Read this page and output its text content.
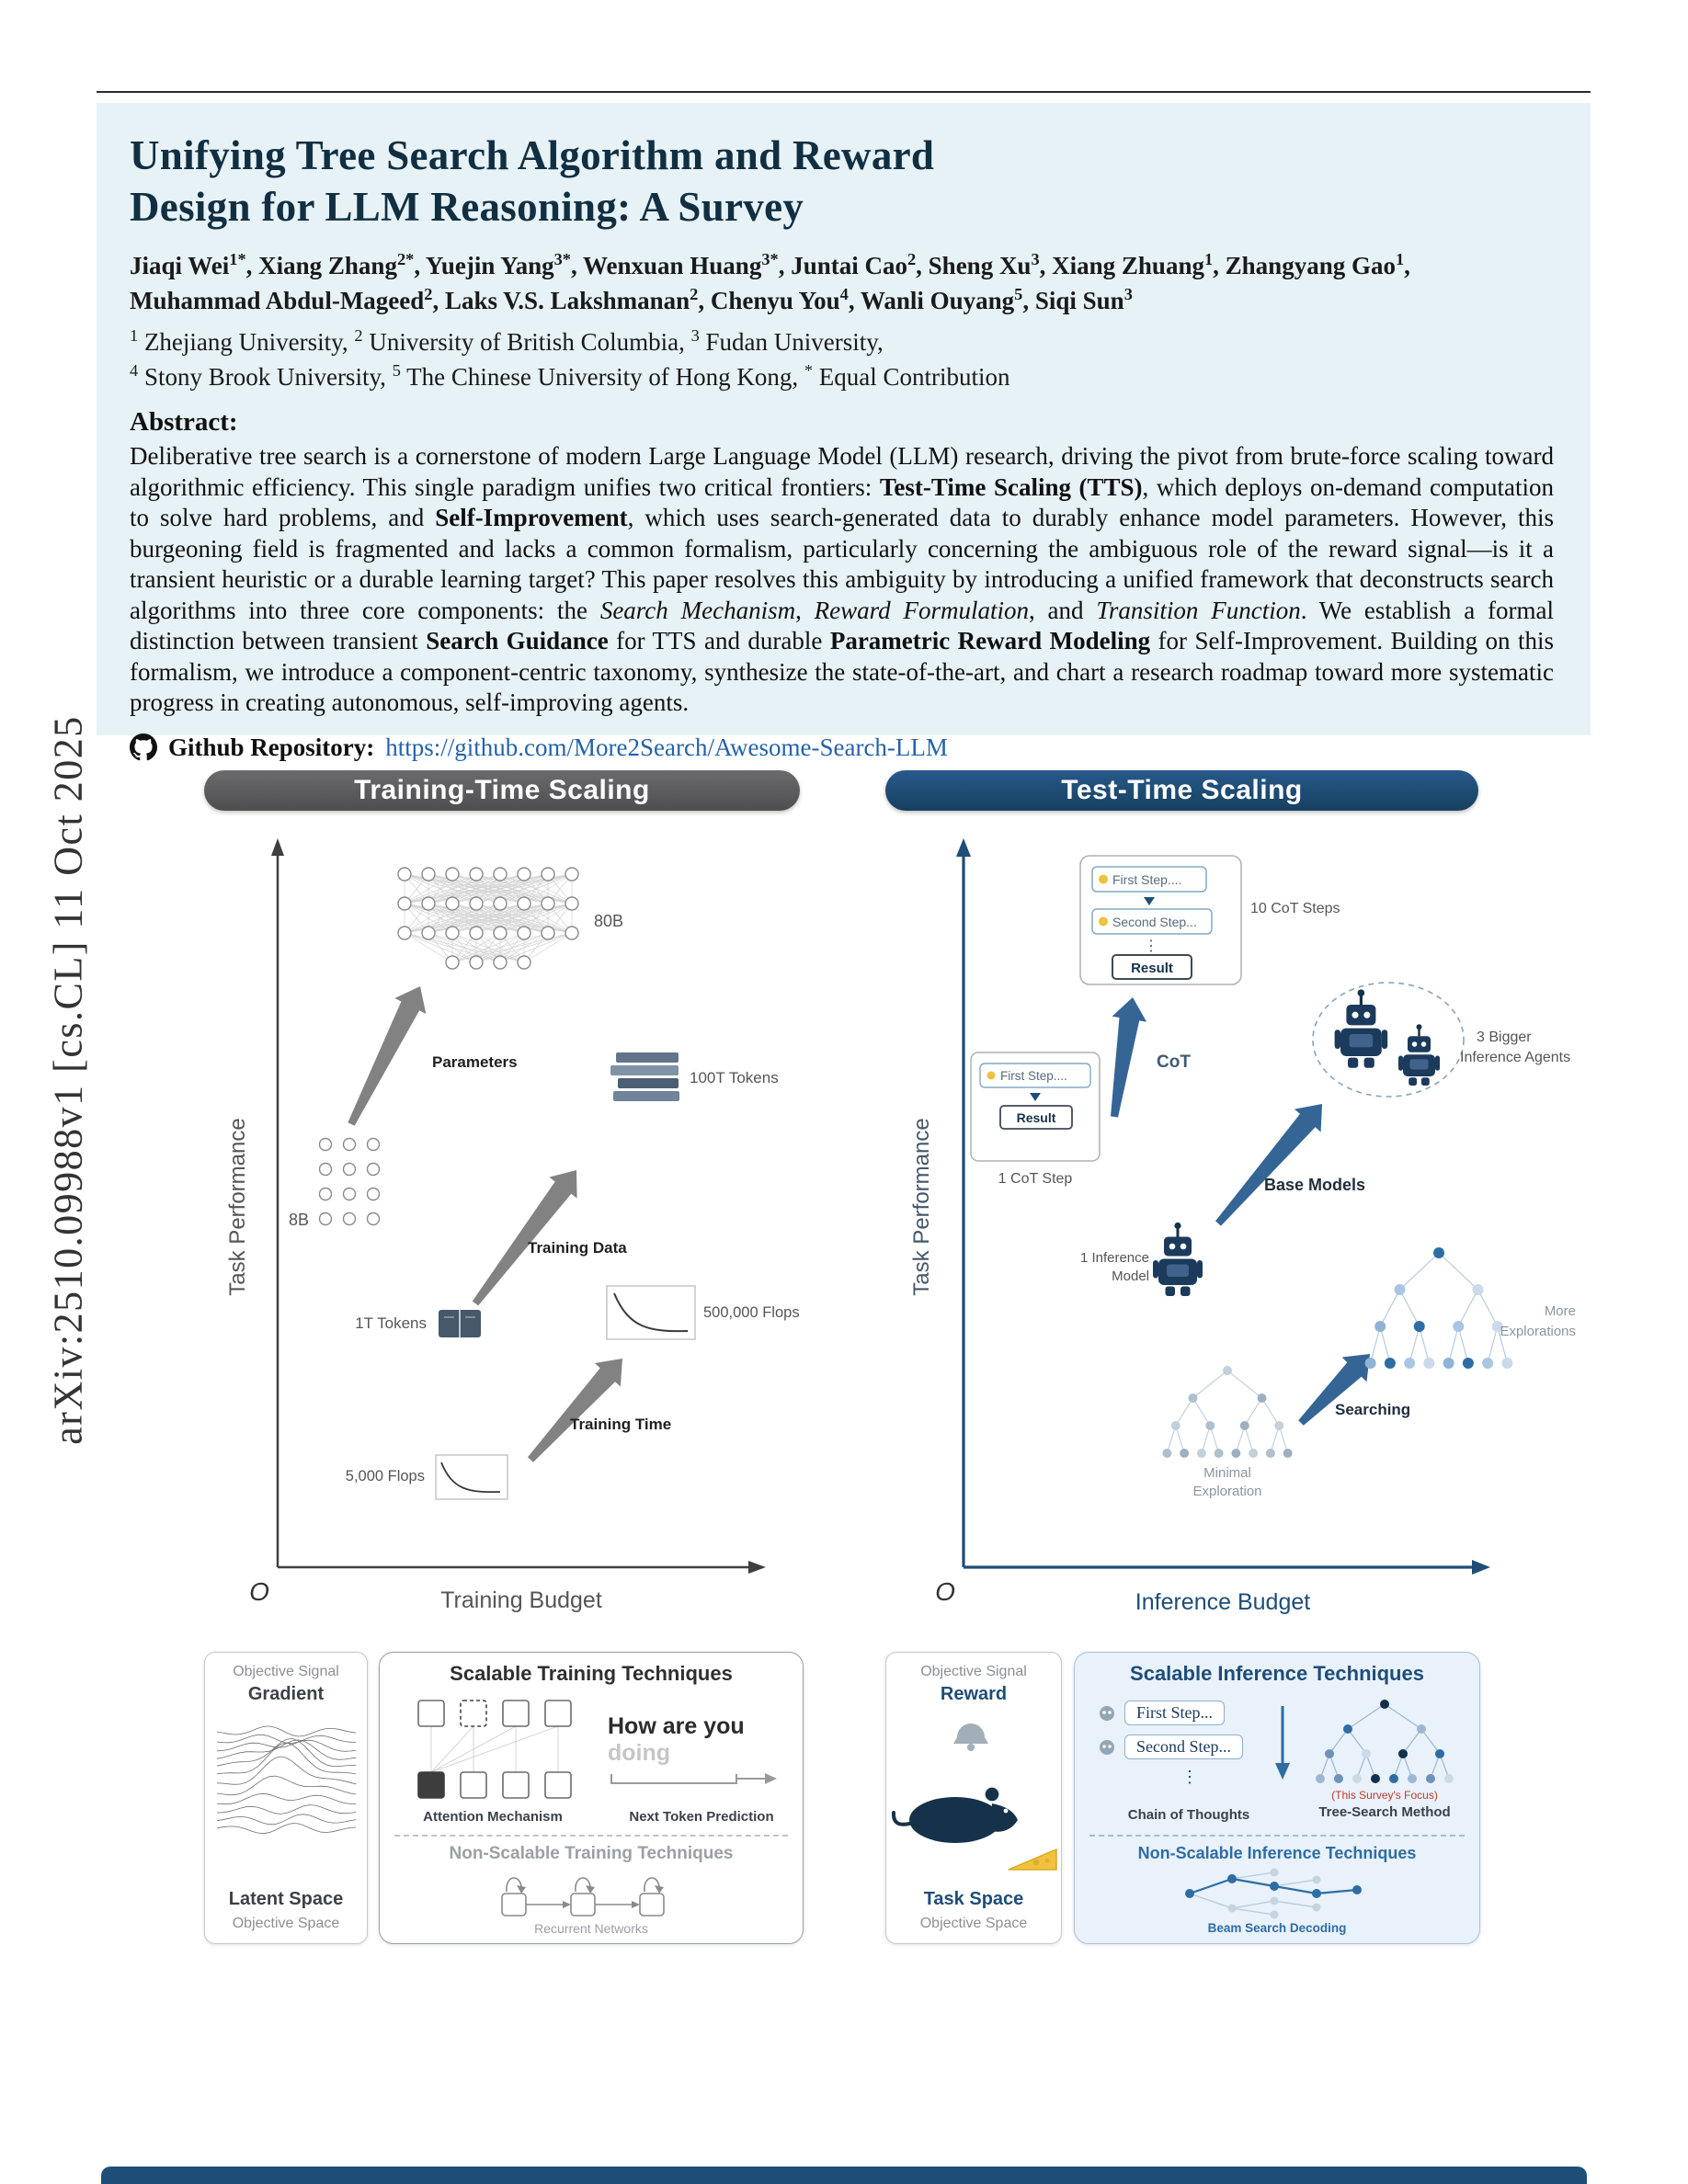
arXiv:2510.09988v1 [cs.CL] 11 Oct 2025
Unifying Tree Search Algorithm and Reward
Design for LLM Reasoning: A Survey

Jiaqi Wei$^{1*}$, Xiang Zhang$^{2*}$, Yuejin Yang$^{3*}$, Wenxuan Huang$^{3*}$, Juntai Cao$^2$, Sheng Xu$^3$, Xiang Zhuang$^1$, Zhangyang Gao$^1$, Muhammad Abdul-Mageed$^2$, Laks V.S. Lakshmanan$^2$, Chenyu You$^4$, Wanli Ouyang$^5$, Siqi Sun$^3$

$^1$ Zhejiang University, $^2$ University of British Columbia, $^3$ Fudan University,
$^4$ Stony Brook University, $^5$ The Chinese University of Hong Kong, * Equal Contribution

Abstract:

Deliberative tree search is a cornerstone of modern Large Language Model (LLM) research, driving the pivot from brute-force scaling toward algorithmic efficiency. This single paradigm unifies two critical frontiers: Test-Time Scaling (TTS), which deploys on-demand computation to solve hard problems, and Self-Improvement, which uses search-generated data to durably enhance model parameters. However, this burgeoning field is fragmented and lacks a common formalism, particularly concerning the ambiguous role of the reward signal—is it a transient heuristic or a durable learning target? This paper resolves this ambiguity by introducing a unified framework that deconstructs search algorithms into three core components: the Search Mechanism, Reward Formulation, and Transition Function. We establish a formal distinction between transient Search Guidance for TTS and durable Parametric Reward Modeling for Self-Improvement. Building on this formalism, we introduce a component-centric taxonomy, synthesize the state-of-the-art, and chart a research roadmap toward more systematic progress in creating autonomous, self-improving agents.

Github Repository: https://github.com/More2Search/Awesome-Search-LLM

Training-Time Scaling	Test-Time Scaling
Task Performance
Training Budget
O
80B
Parameters
8B
100T Tokens
Training Data
1T Tokens
500,000 Flops
Training Time
5,000 Flops
Task Performance
Inference Budget
O
First Step....
Second Step...
⋮
Result
10 CoT Steps
CoT
First Step....
Result
1 CoT Step
3 Bigger
Inference Agents
Base Models
1 Inference
Model
Minimal
Exploration
More
Explorations
Searching
Objective Signal
Gradient
Latent Space
Objective Space
Scalable Training Techniques
Attention Mechanism
How are you doing
Next Token Prediction
Non-Scalable Training Techniques
Recurrent Networks
Objective Signal
Reward
Task Space
Objective Space
Scalable Inference Techniques
First Step...
Second Step...
⋮
Chain of Thoughts
(This Survey's Focus)
Tree-Search Method
Non-Scalable Inference Techniques
Beam Search Decoding
